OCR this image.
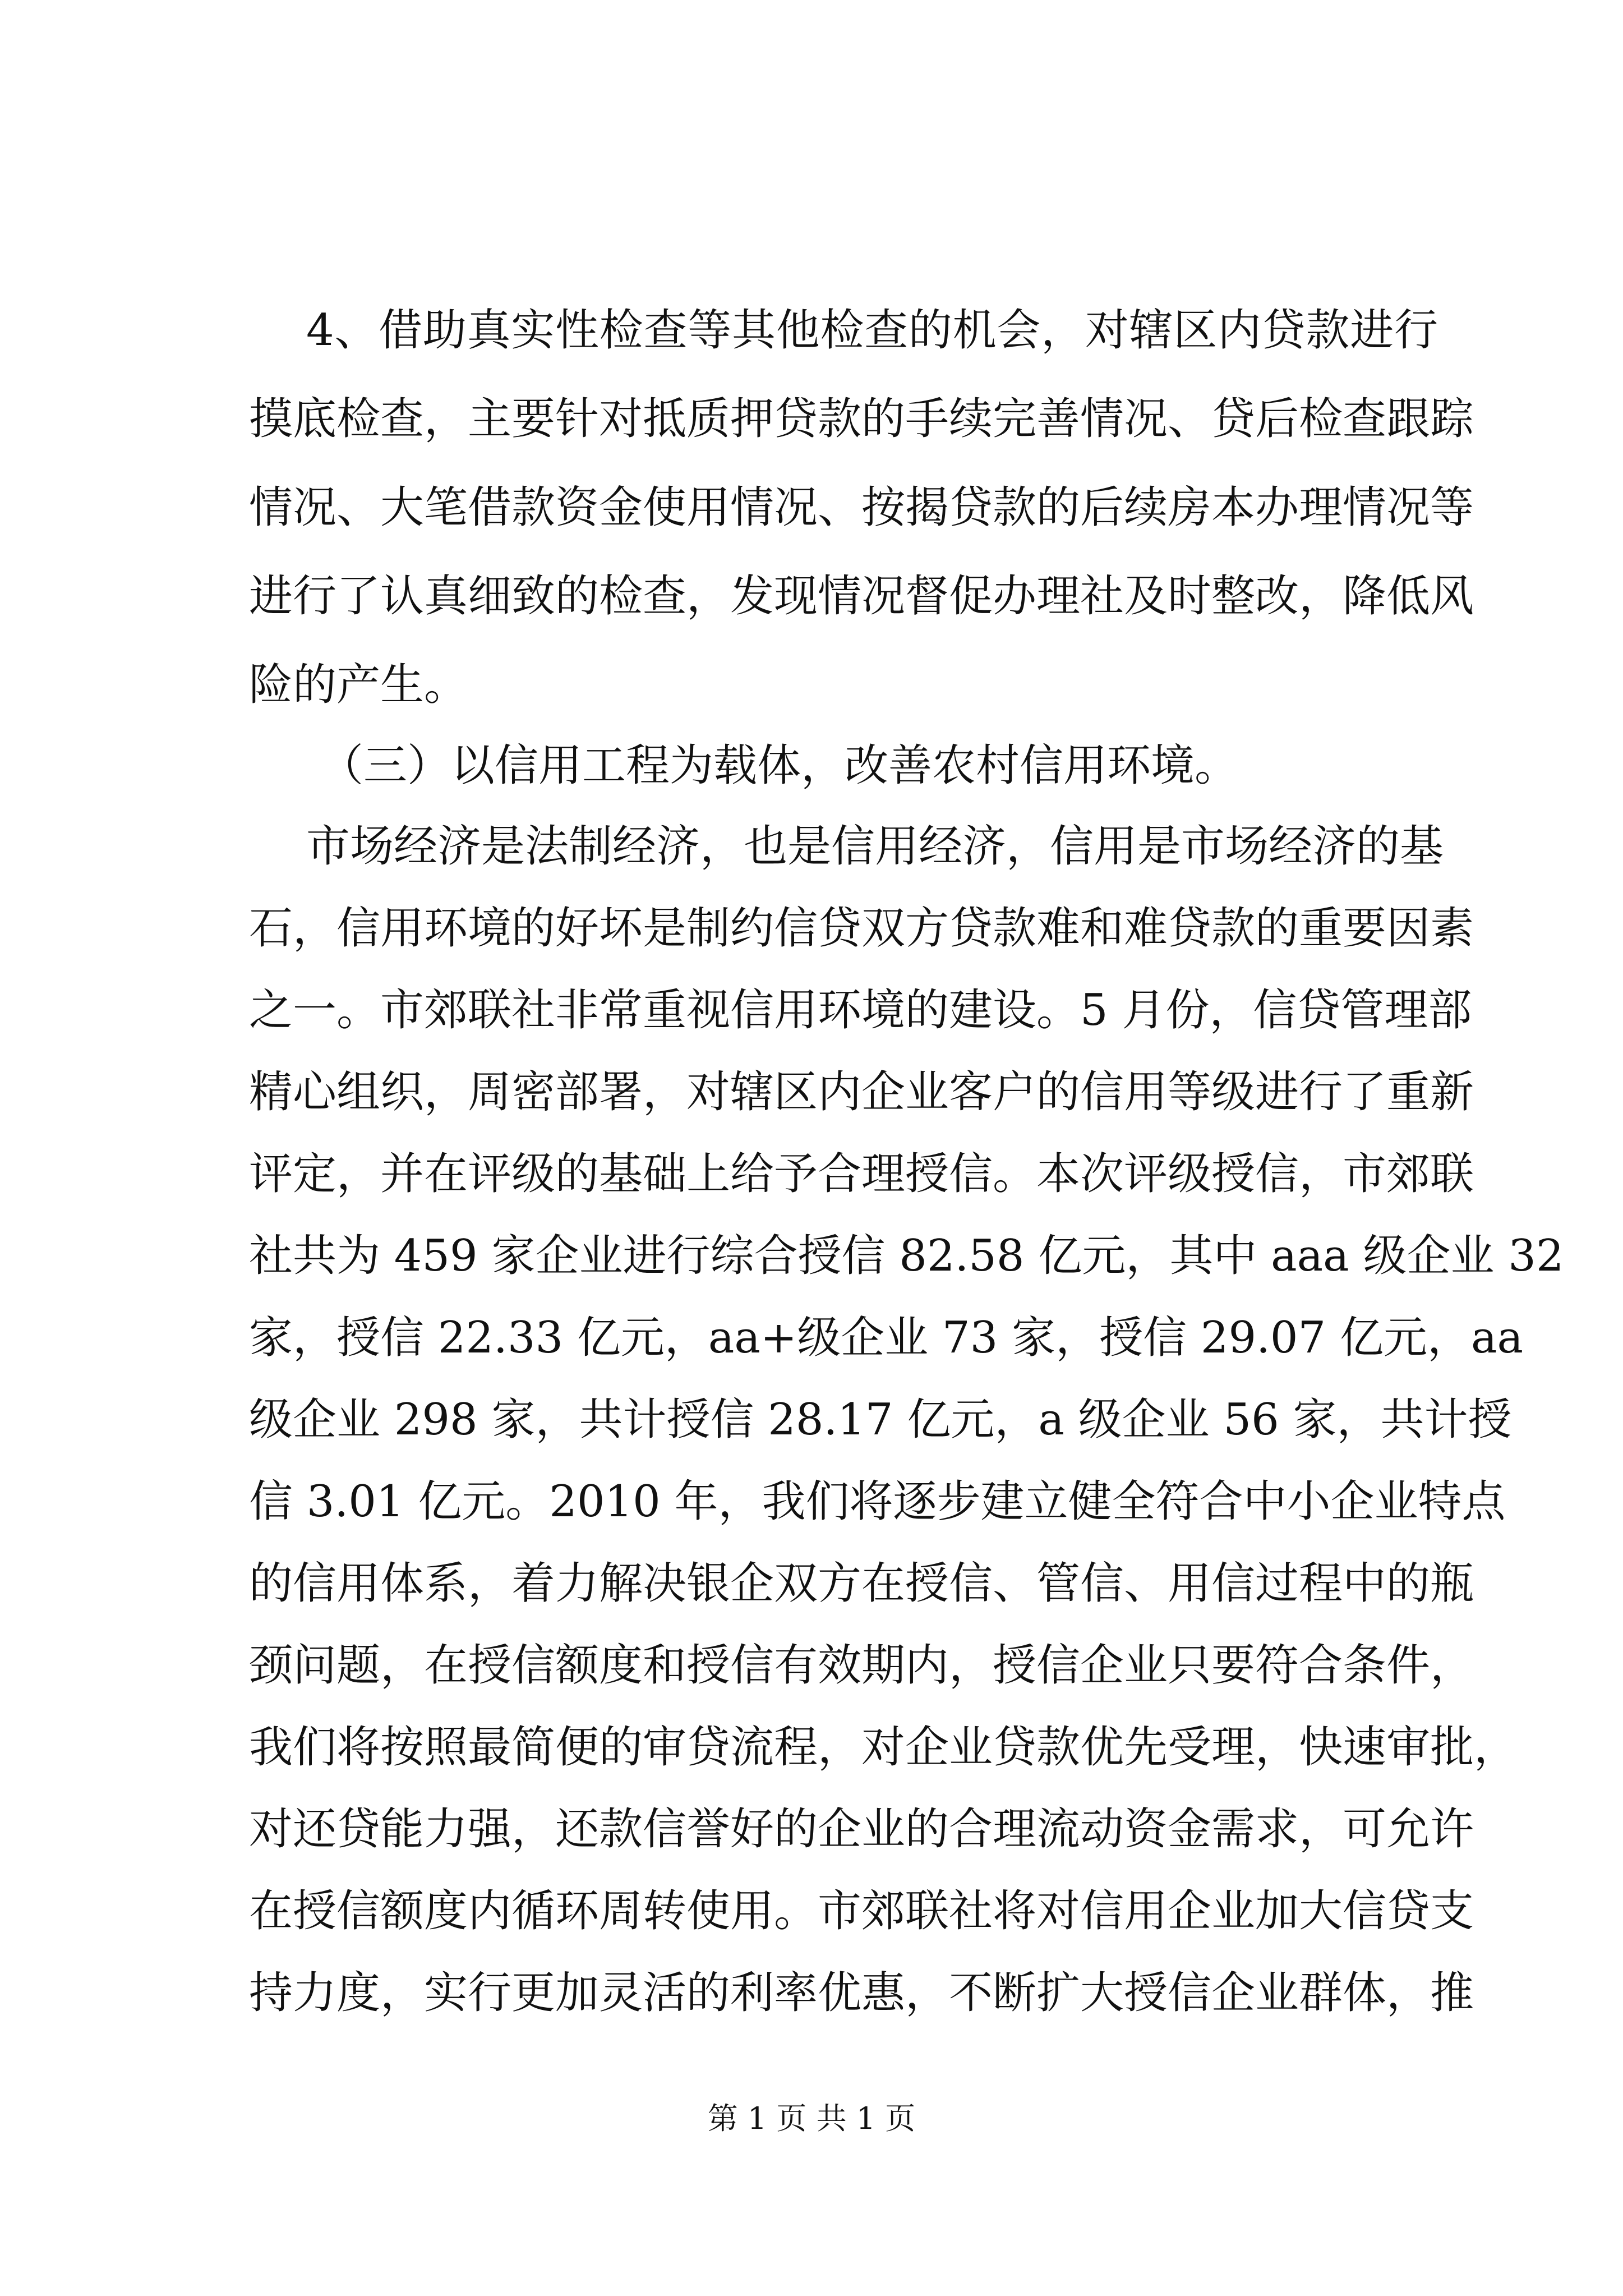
4、借助真实性检查等其他检查的机会，对辖区内贷款进行
摸底检查，主要针对抵质押贷款的手续完善情况、贷后检查跟踪
情况、大笔借款资金使用情况、按揭贷款的后续房本办理情况等
进行了认真细致的检查，发现情况督促办理社及时整改，降低风
险的产生。
（三）以信用工程为载体，改善农村信用环境。
市场经济是法制经济，也是信用经济，信用是市场经济的基
石，信用环境的好坏是制约信贷双方贷款难和难贷款的重要因素
之一。市郊联社非常重视信用环境的建设。5 月份，信贷管理部
精心组织，周密部署，对辖区内企业客户的信用等级进行了重新
评定，并在评级的基础上给予合理授信。本次评级授信，市郊联
社共为 459 家企业进行综合授信 82.58 亿元，其中 aaa 级企业 32
家，授信 22.33 亿元，aa+级企业 73 家，授信 29.07 亿元，aa
级企业 298 家，共计授信 28.17 亿元，a 级企业 56 家，共计授
信 3.01 亿元。2010 年，我们将逐步建立健全符合中小企业特点
的信用体系，着力解决银企双方在授信、管信、用信过程中的瓶
颈问题，在授信额度和授信有效期内，授信企业只要符合条件，
我们将按照最简便的审贷流程，对企业贷款优先受理，快速审批，
对还贷能力强，还款信誉好的企业的合理流动资金需求，可允许
在授信额度内循环周转使用。市郊联社将对信用企业加大信贷支
持力度，实行更加灵活的利率优惠，不断扩大授信企业群体，推
第 1 页 共 1 页
